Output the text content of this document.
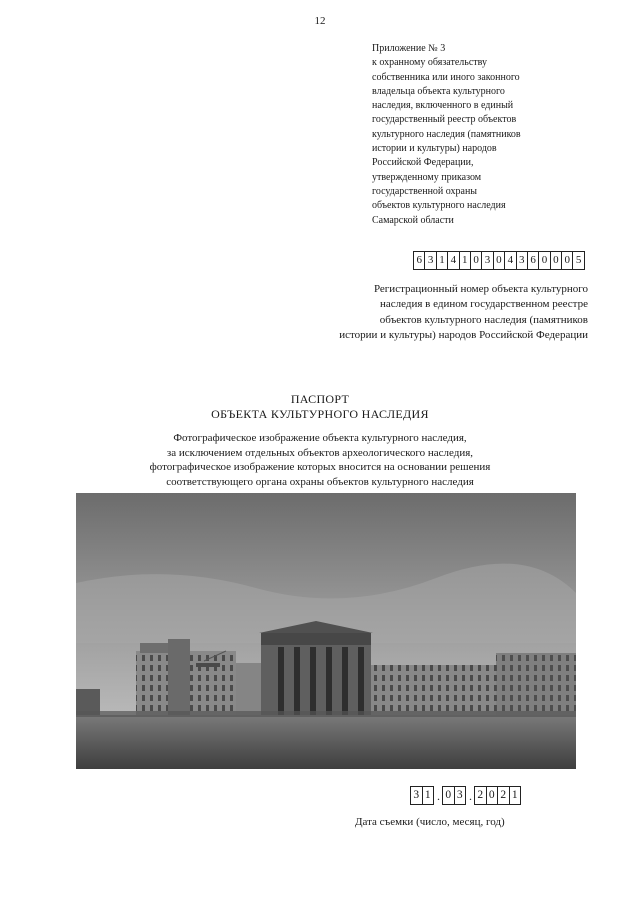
12
Приложение № 3
к охранному обязательству
собственника или иного законного
владельца объекта культурного
наследия, включенного в единый
государственный реестр объектов
культурного наследия (памятников
истории и культуры) народов
Российской Федерации,
утвержденному приказом
государственной охраны
объектов культурного наследия
Самарской области
6 3 1 4 1 0 3 0 4 3 6 0 0 0 5
Регистрационный номер объекта культурного
наследия в едином государственном реестре
объектов культурного наследия (памятников
истории и культуры) народов Российской Федерации
ПАСПОРТ
ОБЪЕКТА КУЛЬТУРНОГО НАСЛЕДИЯ
Фотографическое изображение объекта культурного наследия,
за исключением отдельных объектов археологического наследия,
фотографическое изображение которых вносится на основании решения
соответствующего органа охраны объектов культурного наследия
3 1 . 0 3 . 2 0 2 1
Дата съемки (число, месяц, год)
